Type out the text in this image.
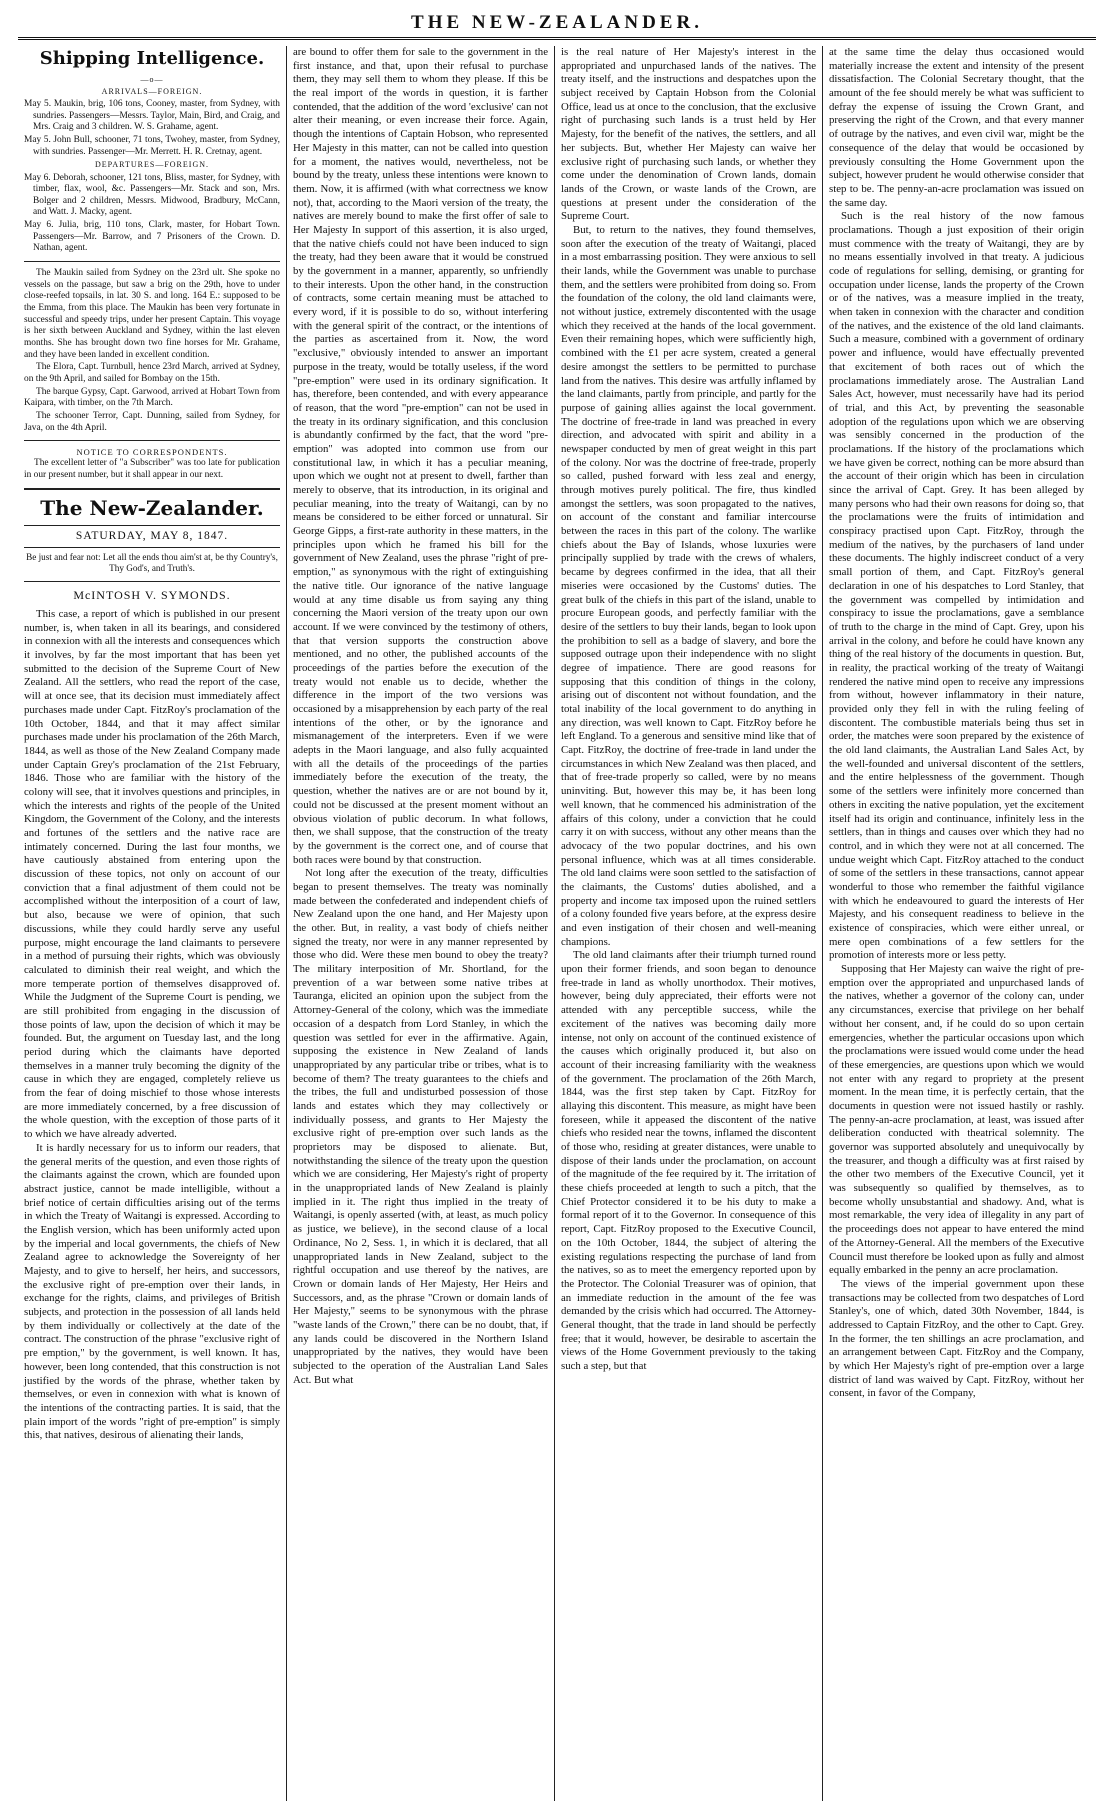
THE NEW-ZEALANDER.
Shipping Intelligence.
—o—
ARRIVALS—FOREIGN.

May 5. Maukin, brig, 106 tons, Cooney, master, from Sydney, with sundries. Passengers—Messrs. Taylor, Main, Bird, and Craig, and Mrs. Craig and 3 children. W. S. Grahame, agent.

May 5. John Bull, schooner, 71 tons, Twohey, master, from Sydney, with sundries. Passenger—Mr. Merrett. H. R. Cretnay, agent.

DEPARTURES—FOREIGN.

May 6. Deborah, schooner, 121 tons, Bliss, master, for Sydney, with timber, flax, wool, &c. Passengers—Mr. Stack and son, Mrs. Bolger and 2 children, Messrs. Midwood, Bradbury, McCann, and Watt. J. Macky, agent.

May 6. Julia, brig, 110 tons, Clark, master, for Hobart Town. Passengers—Mr. Barrow, and 7 Prisoners of the Crown. D. Nathan, agent.

The Maukin sailed from Sydney on the 23rd ult. She spoke no vessels on the passage, but saw a brig on the 29th, hove to under close-reefed topsails, in lat. 30 S. and long. 164 E.: supposed to be the Emma, from this place. The Maukin has been very fortunate in successful and speedy trips, under her present Captain. This voyage is her sixth between Auckland and Sydney, within the last eleven months. She has brought down two fine horses for Mr. Grahame, and they have been landed in excellent condition.

The Elora, Capt. Turnbull, hence 23rd March, arrived at Sydney, on the 9th April, and sailed for Bombay on the 15th.

The barque Gypsy, Capt. Garwood, arrived at Hobart Town from Kaipara, with timber, on the 7th March.

The schooner Terror, Capt. Dunning, sailed from Sydney, for Java, on the 4th April.

NOTICE TO CORRESPONDENTS.
The excellent letter of "a Subscriber" was too late for publication in our present number, but it shall appear in our next.
The New-Zealander.
SATURDAY, MAY 8, 1847.
Be just and fear not: Let all the ends thou aim'st at, be thy Country's, Thy God's, and Truth's.
McINTOSH V. SYMONDS.

This case, a report of which is published in our present number, is, when taken in all its bearings, and considered in connexion with all the interests and consequences which it involves, by far the most important that has been yet submitted to the decision of the Supreme Court of New Zealand. All the settlers, who read the report of the case, will at once see, that its decision must immediately affect purchases made under Capt. FitzRoy's proclamation of the 10th October, 1844, and that it may affect similar purchases made under his proclamation of the 26th March, 1844, as well as those of the New Zealand Company made under Captain Grey's proclamation of the 21st February, 1846. Those who are familiar with the history of the colony will see, that it involves questions and principles, in which the interests and rights of the people of the United Kingdom, the Government of the Colony, and the interests and fortunes of the settlers and the native race are intimately concerned. During the last four months, we have cautiously abstained from entering upon the discussion of these topics, not only on account of our conviction that a final adjustment of them could not be accomplished without the interposition of a court of law, but also, because we were of opinion, that such discussions, while they could hardly serve any useful purpose, might encourage the land claimants to persevere in a method of pursuing their rights, which was obviously calculated to diminish their real weight, and which the more temperate portion of themselves disapproved of. While the Judgment of the Supreme Court is pending, we are still prohibited from engaging in the discussion of those points of law, upon the decision of which it may be founded. But, the argument on Tuesday last, and the long period during which the claimants have deported themselves in a manner truly becoming the dignity of the cause in which they are engaged, completely relieve us from the fear of doing mischief to those whose interests are more immediately concerned, by a free discussion of the whole question, with the exception of those parts of it to which we have already adverted.

It is hardly necessary for us to inform our readers, that the general merits of the question, and even those rights of the claimants against the crown, which are founded upon abstract justice, cannot be made intelligible, without a brief notice of certain difficulties arising out of the terms in which the Treaty of Waitangi is expressed. According to the English version, which has been uniformly acted upon by the imperial and local governments, the chiefs of New Zealand agree to acknowledge the Sovereignty of her Majesty, and to give to herself, her heirs, and successors, the exclusive right of pre-emption over their lands, in exchange for the rights, claims, and privileges of British subjects, and protection in the possession of all lands held by them individually or collectively at the date of the contract. The construction of the phrase "exclusive right of pre emption," by the government, is well known. It has, however, been long contended, that this construction is not justified by the words of the phrase, whether taken by themselves, or even in connexion with what is known of the intentions of the contracting parties. It is said, that the plain import of the words "right of pre-emption" is simply this, that natives, desirous of alienating their lands,

are bound to offer them for sale to the government in the first instance, and that, upon their refusal to purchase them, they may sell them to whom they please. If this be the real import of the words in question, it is farther contended, that the addition of the word 'exclusive' can not alter their meaning, or even increase their force. Again, though the intentions of Captain Hobson, who represented Her Majesty in this matter, can not be called into question for a moment, the natives would, nevertheless, not be bound by the treaty, unless these intentions were known to them. Now, it is affirmed (with what correctness we know not), that, according to the Maori version of the treaty, the natives are merely bound to make the first offer of sale to Her Majesty In support of this assertion, it is also urged, that the native chiefs could not have been induced to sign the treaty, had they been aware that it would be construed by the government in a manner, apparently, so unfriendly to their interests. Upon the other hand, in the construction of contracts, some certain meaning must be attached to every word, if it is possible to do so, without interfering with the general spirit of the contract, or the intentions of the parties as ascertained from it. Now, the word "exclusive," obviously intended to answer an important purpose in the treaty, would be totally useless, if the word "pre-emption" were used in its ordinary signification. It has, therefore, been contended, and with every appearance of reason, that the word "pre-emption" can not be used in the treaty in its ordinary signification, and this conclusion is abundantly confirmed by the fact, that the word "pre-emption" was adopted into common use from our constitutional law, in which it has a peculiar meaning, upon which we ought not at present to dwell, farther than merely to observe, that its introduction, in its original and peculiar meaning, into the treaty of Waitangi, can by no means be considered to be either forced or unnatural. Sir George Gipps, a first-rate authority in these matters, in the principles upon which he framed his bill for the government of New Zealand, uses the phrase "right of pre-emption," as synonymous with the right of extinguishing the native title. Our ignorance of the native language would at any time disable us from saying any thing concerning the Maori version of the treaty upon our own account. If we were convinced by the testimony of others, that that version supports the construction above mentioned, and no other, the published accounts of the proceedings of the parties before the execution of the treaty would not enable us to decide, whether the difference in the import of the two versions was occasioned by a misapprehension by each party of the real intentions of the other, or by the ignorance and mismanagement of the interpreters. Even if we were adepts in the Maori language, and also fully acquainted with all the details of the proceedings of the parties immediately before the execution of the treaty, the question, whether the natives are or are not bound by it, could not be discussed at the present moment without an obvious violation of public decorum. In what follows, then, we shall suppose, that the construction of the treaty by the government is the correct one, and of course that both races were bound by that construction.

Not long after the execution of the treaty, difficulties began to present themselves. The treaty was nominally made between the confederated and independent chiefs of New Zealand upon the one hand, and Her Majesty upon the other. But, in reality, a vast body of chiefs neither signed the treaty, nor were in any manner represented by those who did. Were these men bound to obey the treaty? The military interposition of Mr. Shortland, for the prevention of a war between some native tribes at Tauranga, elicited an opinion upon the subject from the Attorney-General of the colony, which was the immediate occasion of a despatch from Lord Stanley, in which the question was settled for ever in the affirmative. Again, supposing the existence in New Zealand of lands unappropriated by any particular tribe or tribes, what is to become of them? The treaty guarantees to the chiefs and the tribes, the full and undisturbed possession of those lands and estates which they may collectively or individually possess, and grants to Her Majesty the exclusive right of pre-emption over such lands as the proprietors may be disposed to alienate. But, notwithstanding the silence of the treaty upon the question which we are considering, Her Majesty's right of property in the unappropriated lands of New Zealand is plainly implied in it. The right thus implied in the treaty of Waitangi, is openly asserted (with, at least, as much policy as justice, we believe), in the second clause of a local Ordinance, No 2, Sess. 1, in which it is declared, that all unappropriated lands in New Zealand, subject to the rightful occupation and use thereof by the natives, are Crown or domain lands of Her Majesty, Her Heirs and Successors, and, as the phrase "Crown or domain lands of Her Majesty," seems to be synonymous with the phrase "waste lands of the Crown," there can be no doubt, that, if any lands could be discovered in the Northern Island unappropriated by the natives, they would have been subjected to the operation of the Australian Land Sales Act. But what

is the real nature of Her Majesty's interest in the appropriated and unpurchased lands of the natives. The treaty itself, and the instructions and despatches upon the subject received by Captain Hobson from the Colonial Office, lead us at once to the conclusion, that the exclusive right of purchasing such lands is a trust held by Her Majesty, for the benefit of the natives, the settlers, and all her subjects. But, whether Her Majesty can waive her exclusive right of purchasing such lands, or whether they come under the denomination of Crown lands, domain lands of the Crown, or waste lands of the Crown, are questions at present under the consideration of the Supreme Court.

But, to return to the natives, they found themselves, soon after the execution of the treaty of Waitangi, placed in a most embarrassing position. They were anxious to sell their lands, while the Government was unable to purchase them, and the settlers were prohibited from doing so. From the foundation of the colony, the old land claimants were, not without justice, extremely discontented with the usage which they received at the hands of the local government. Even their remaining hopes, which were sufficiently high, combined with the £1 per acre system, created a general desire amongst the settlers to be permitted to purchase land from the natives. This desire was artfully inflamed by the land claimants, partly from principle, and partly for the purpose of gaining allies against the local government. The doctrine of free-trade in land was preached in every direction, and advocated with spirit and ability in a newspaper conducted by men of great weight in this part of the colony. Nor was the doctrine of free-trade, properly so called, pushed forward with less zeal and energy, through motives purely political. The fire, thus kindled amongst the settlers, was soon propagated to the natives, on account of the constant and familiar intercourse between the races in this part of the colony. The warlike chiefs about the Bay of Islands, whose luxuries were principally supplied by trade with the crews of whalers, became by degrees confirmed in the idea, that all their miseries were occasioned by the Customs' duties. The great bulk of the chiefs in this part of the island, unable to procure European goods, and perfectly familiar with the desire of the settlers to buy their lands, began to look upon the prohibition to sell as a badge of slavery, and bore the supposed outrage upon their independence with no slight degree of impatience. There are good reasons for supposing that this condition of things in the colony, arising out of discontent not without foundation, and the total inability of the local government to do anything in any direction, was well known to Capt. FitzRoy before he left England. To a generous and sensitive mind like that of Capt. FitzRoy, the doctrine of free-trade in land under the circumstances in which New Zealand was then placed, and that of free-trade properly so called, were by no means uninviting. But, however this may be, it has been long well known, that he commenced his administration of the affairs of this colony, under a conviction that he could carry it on with success, without any other means than the advocacy of the two popular doctrines, and his own personal influence, which was at all times considerable. The old land claims were soon settled to the satisfaction of the claimants, the Customs' duties abolished, and a property and income tax imposed upon the ruined settlers of a colony founded five years before, at the express desire and even instigation of their chosen and well-meaning champions.

The old land claimants after their triumph turned round upon their former friends, and soon began to denounce free-trade in land as wholly unorthodox. Their motives, however, being duly appreciated, their efforts were not attended with any perceptible success, while the excitement of the natives was becoming daily more intense, not only on account of the continued existence of the causes which originally produced it, but also on account of their increasing familiarity with the weakness of the government. The proclamation of the 26th March, 1844, was the first step taken by Capt. FitzRoy for allaying this discontent. This measure, as might have been foreseen, while it appeased the discontent of the native chiefs who resided near the towns, inflamed the discontent of those who, residing at greater distances, were unable to dispose of their lands under the proclamation, on account of the magnitude of the fee required by it. The irritation of these chiefs proceeded at length to such a pitch, that the Chief Protector considered it to be his duty to make a formal report of it to the Governor. In consequence of this report, Capt. FitzRoy proposed to the Executive Council, on the 10th October, 1844, the subject of altering the existing regulations respecting the purchase of land from the natives, so as to meet the emergency reported upon by the Protector. The Colonial Treasurer was of opinion, that an immediate reduction in the amount of the fee was demanded by the crisis which had occurred. The Attorney-General thought, that the trade in land should be perfectly free; that it would, however, be desirable to ascertain the views of the Home Government previously to the taking such a step, but that

at the same time the delay thus occasioned would materially increase the extent and intensity of the present dissatisfaction. The Colonial Secretary thought, that the amount of the fee should merely be what was sufficient to defray the expense of issuing the Crown Grant, and preserving the right of the Crown, and that every manner of outrage by the natives, and even civil war, might be the consequence of the delay that would be occasioned by previously consulting the Home Government upon the subject, however prudent he would otherwise consider that step to be. The penny-an-acre proclamation was issued on the same day.

Such is the real history of the now famous proclamations. Though a just exposition of their origin must commence with the treaty of Waitangi, they are by no means essentially involved in that treaty. A judicious code of regulations for selling, demising, or granting for occupation under license, lands the property of the Crown or of the natives, was a measure implied in the treaty, when taken in connexion with the character and condition of the natives, and the existence of the old land claimants. Such a measure, combined with a government of ordinary power and influence, would have effectually prevented that excitement of both races out of which the proclamations immediately arose. The Australian Land Sales Act, however, must necessarily have had its period of trial, and this Act, by preventing the seasonable adoption of the regulations upon which we are observing was sensibly concerned in the production of the proclamations. If the history of the proclamations which we have given be correct, nothing can be more absurd than the account of their origin which has been in circulation since the arrival of Capt. Grey. It has been alleged by many persons who had their own reasons for doing so, that the proclamations were the fruits of intimidation and conspiracy practised upon Capt. FitzRoy, through the medium of the natives, by the purchasers of land under these documents. The highly indiscreet conduct of a very small portion of them, and Capt. FitzRoy's general declaration in one of his despatches to Lord Stanley, that the government was compelled by intimidation and conspiracy to issue the proclamations, gave a semblance of truth to the charge in the mind of Capt. Grey, upon his arrival in the colony, and before he could have known any thing of the real history of the documents in question. But, in reality, the practical working of the treaty of Waitangi rendered the native mind open to receive any impressions from without, however inflammatory in their nature, provided only they fell in with the ruling feeling of discontent. The combustible materials being thus set in order, the matches were soon prepared by the existence of the old land claimants, the Australian Land Sales Act, by the well-founded and universal discontent of the settlers, and the entire helplessness of the government. Though some of the settlers were infinitely more concerned than others in exciting the native population, yet the excitement itself had its origin and continuance, infinitely less in the settlers, than in things and causes over which they had no control, and in which they were not at all concerned. The undue weight which Capt. FitzRoy attached to the conduct of some of the settlers in these transactions, cannot appear wonderful to those who remember the faithful vigilance with which he endeavoured to guard the interests of Her Majesty, and his consequent readiness to believe in the existence of conspiracies, which were either unreal, or mere open combinations of a few settlers for the promotion of interests more or less petty.

Supposing that Her Majesty can waive the right of pre-emption over the appropriated and unpurchased lands of the natives, whether a governor of the colony can, under any circumstances, exercise that privilege on her behalf without her consent, and, if he could do so upon certain emergencies, whether the particular occasions upon which the proclamations were issued would come under the head of these emergencies, are questions upon which we would not enter with any regard to propriety at the present moment. In the mean time, it is perfectly certain, that the documents in question were not issued hastily or rashly. The penny-an-acre proclamation, at least, was issued after deliberation conducted with theatrical solemnity. The governor was supported absolutely and unequivocally by the treasurer, and though a difficulty was at first raised by the other two members of the Executive Council, yet it was subsequently so qualified by themselves, as to become wholly unsubstantial and shadowy. And, what is most remarkable, the very idea of illegality in any part of the proceedings does not appear to have entered the mind of the Attorney-General. All the members of the Executive Council must therefore be looked upon as fully and almost equally embarked in the penny an acre proclamation.

The views of the imperial government upon these transactions may be collected from two despatches of Lord Stanley's, one of which, dated 30th November, 1844, is addressed to Captain FitzRoy, and the other to Capt. Grey. In the former, the ten shillings an acre proclamation, and an arrangement between Capt. FitzRoy and the Company, by which Her Majesty's right of pre-emption over a large district of land was waived by Capt. FitzRoy, without her consent, in favor of the Company,
